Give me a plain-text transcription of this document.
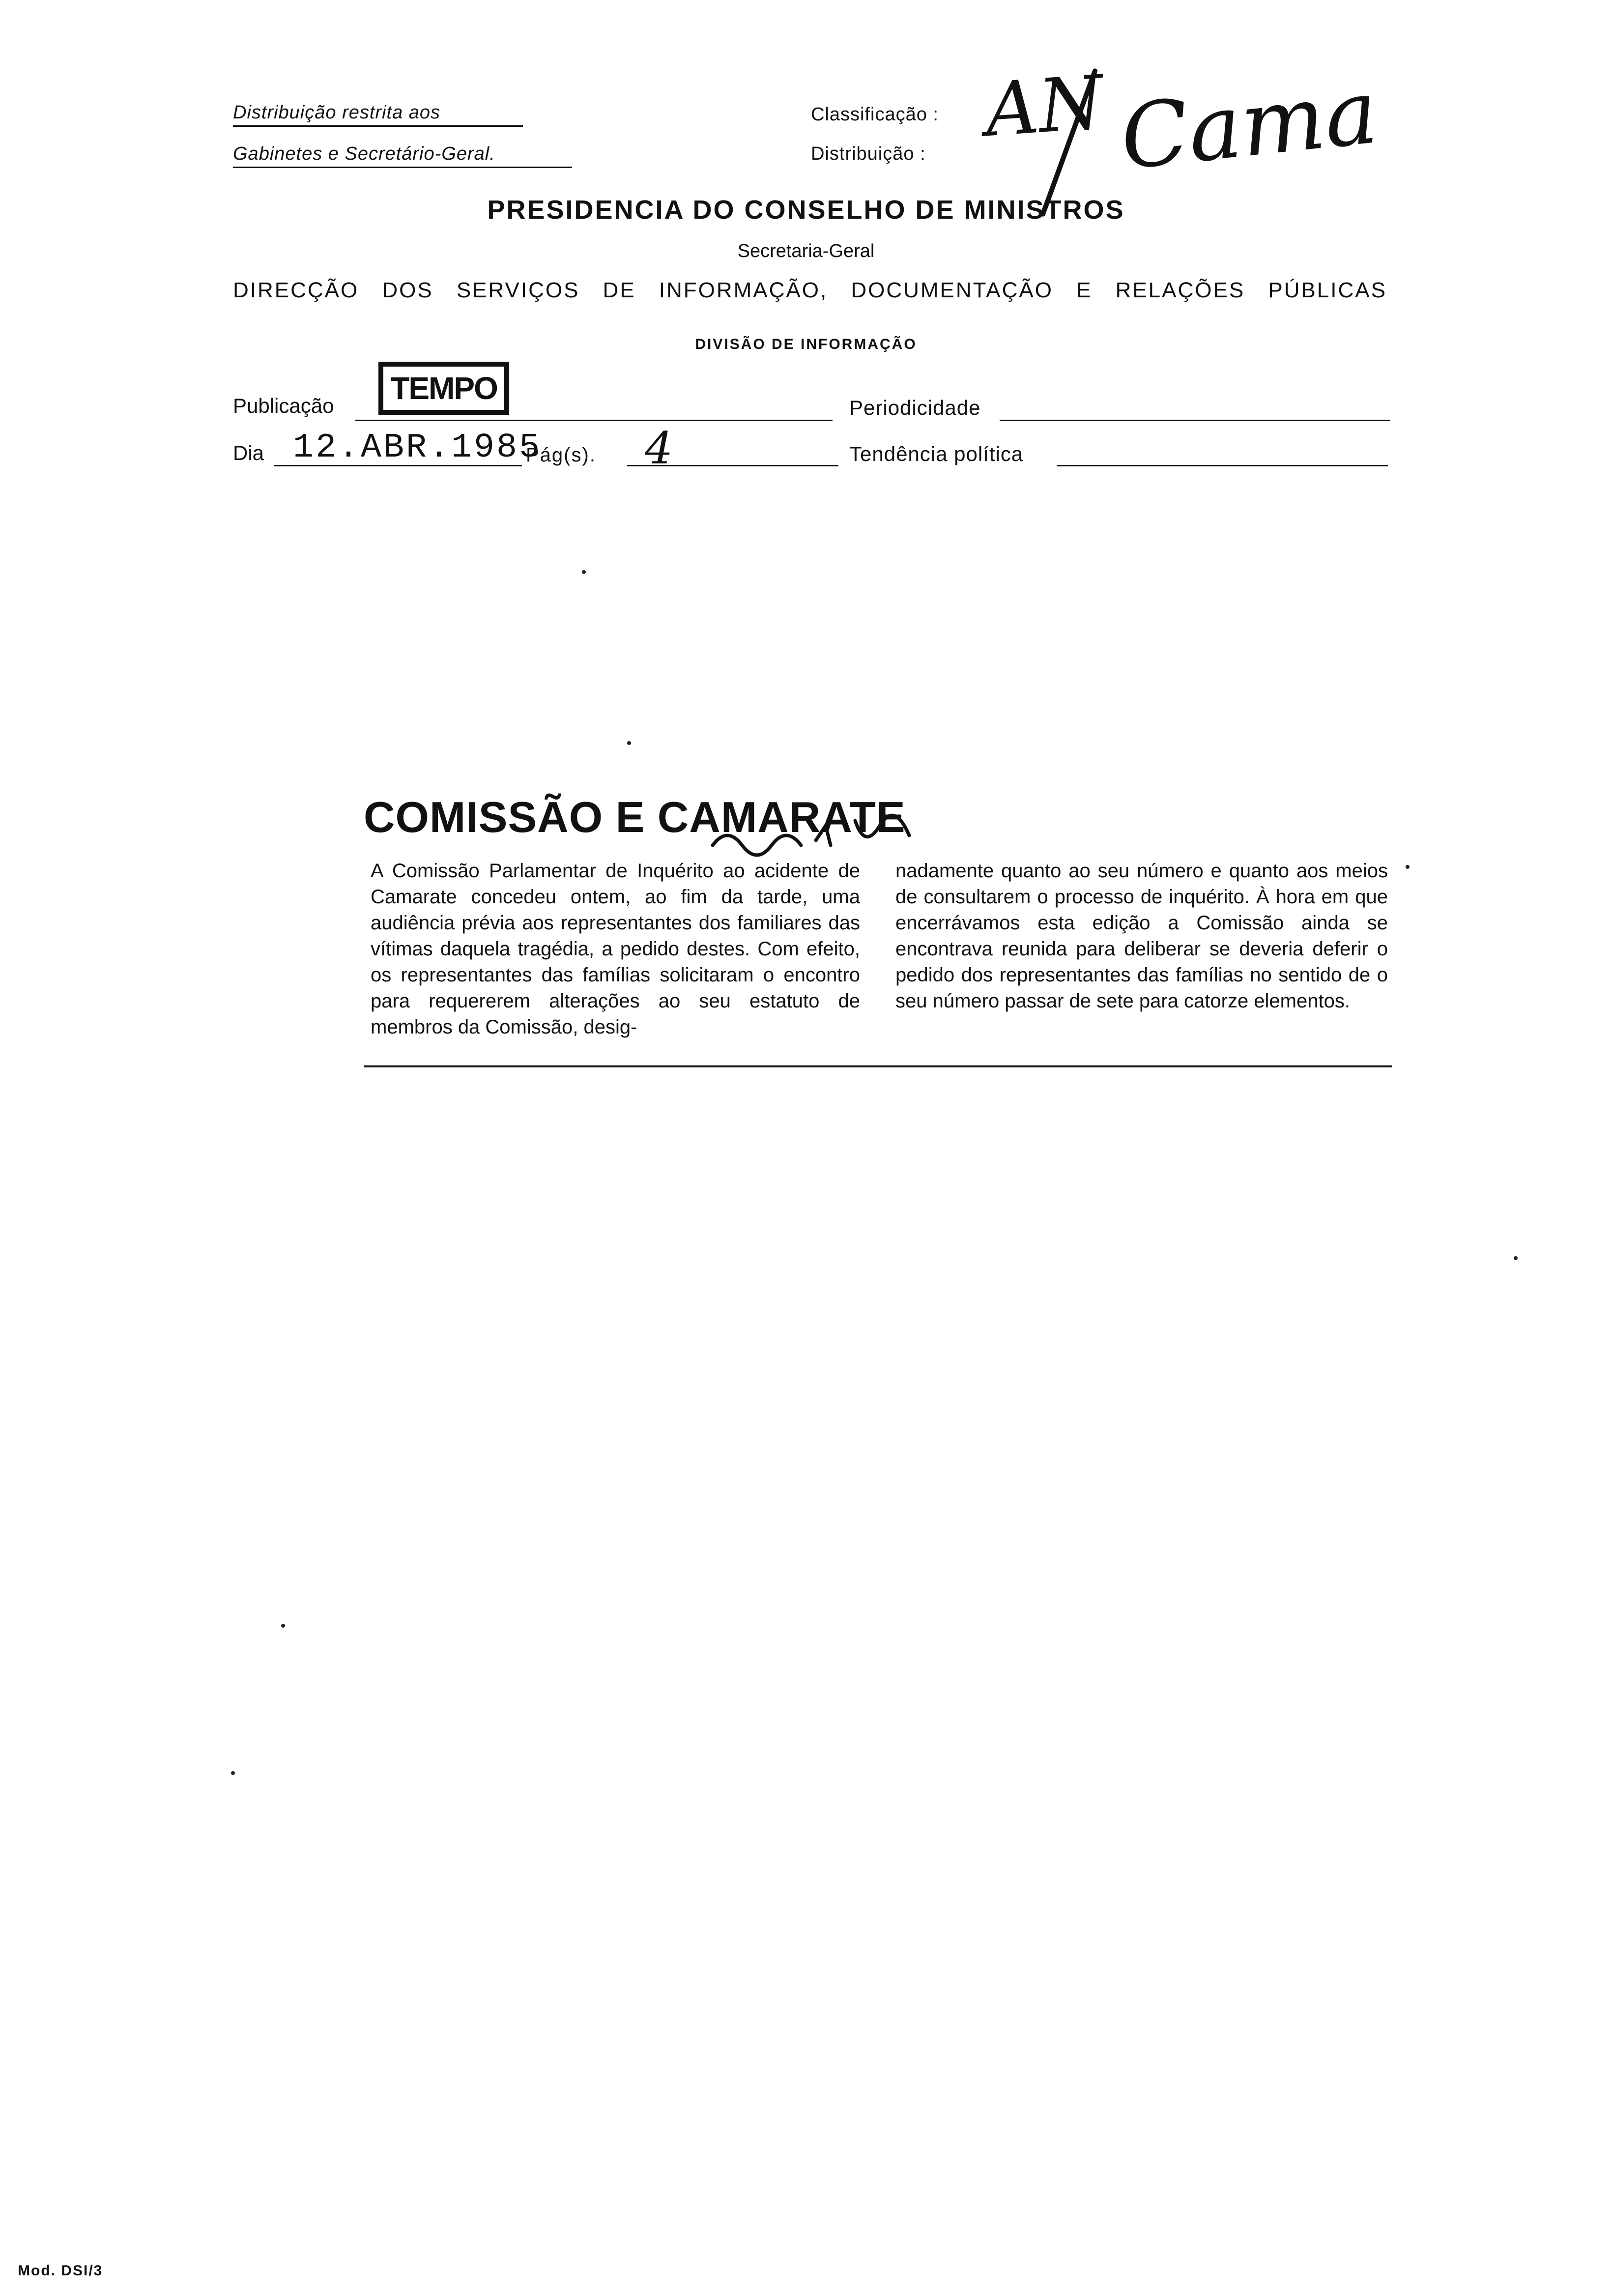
Distribuição restrita aos
Gabinetes e Secretário-Geral.
Classificação :
Distribuição :
AN Cama
PRESIDENCIA DO CONSELHO DE MINISTROS
Secretaria-Geral
DIRECÇÃO DOS SERVIÇOS DE INFORMAÇÃO, DOCUMENTAÇÃO E RELAÇÕES PÚBLICAS
DIVISÃO DE INFORMAÇÃO
Publicação	TEMPO
Periodicidade
Dia 12.ABR.1985
Pág(s). 4	Tendência política
COMISSÃO E CAMARATE
A Comissão Parlamentar de Inquérito ao acidente de Camarate concedeu ontem, ao fim da tarde, uma audiência prévia aos representantes dos familiares das vítimas daquela tragédia, a pedido destes. Com efeito, os representantes das famílias solicitaram o encontro para requererem alterações ao seu estatuto de membros da Comissão, desig-
nadamente quanto ao seu número e quanto aos meios de consultarem o processo de inquérito. À hora em que encerrávamos esta edição a Comissão ainda se encontrava reunida para deliberar se deveria deferir o pedido dos representantes das famílias no sentido de o seu número passar de sete para catorze elementos.
Mod. DSI/3
